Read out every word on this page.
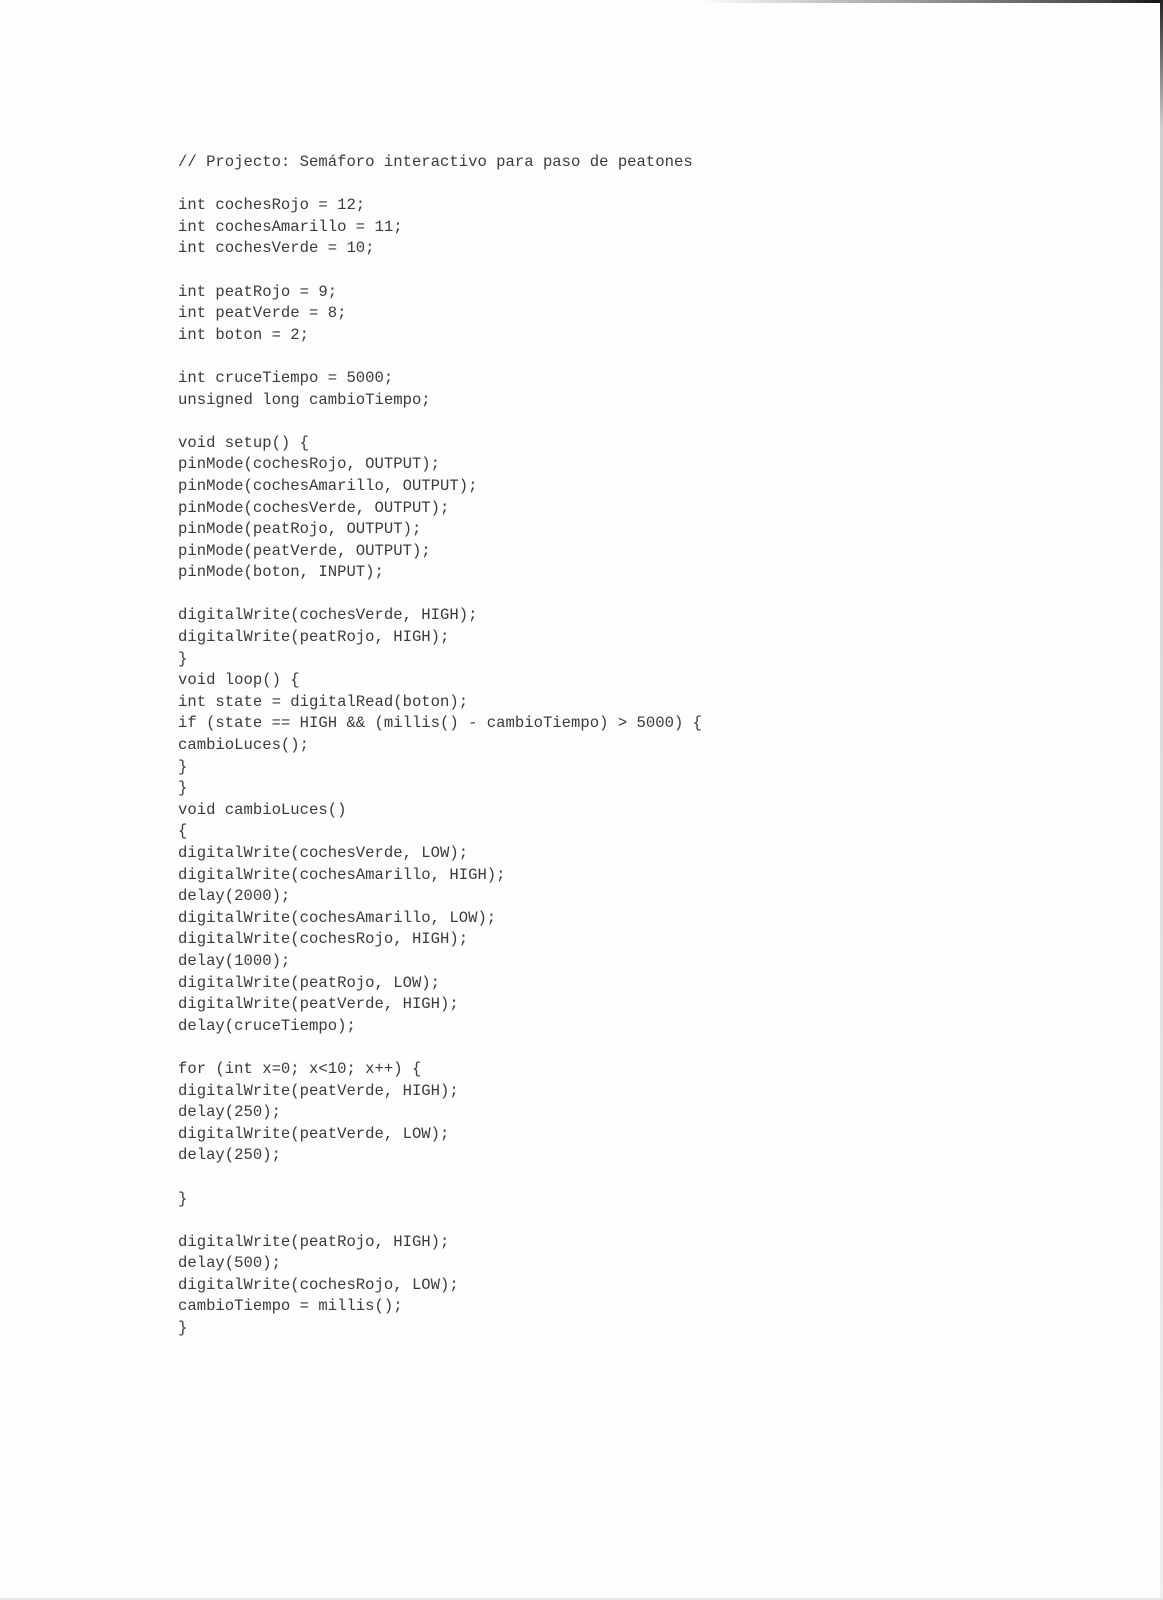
// Projecto: Semáforo interactivo para paso de peatones
int cochesRojo = 12;
int cochesAmarillo = 11;
int cochesVerde = 10;
int peatRojo = 9;
int peatVerde = 8;
int boton = 2;
int cruceTiempo = 5000;
unsigned long cambioTiempo;
void setup() {
pinMode(cochesRojo, OUTPUT);
pinMode(cochesAmarillo, OUTPUT);
pinMode(cochesVerde, OUTPUT);
pinMode(peatRojo, OUTPUT);
pinMode(peatVerde, OUTPUT);
pinMode(boton, INPUT);
digitalWrite(cochesVerde, HIGH);
digitalWrite(peatRojo, HIGH);
}
void loop() {
int state = digitalRead(boton);
if (state == HIGH && (millis() - cambioTiempo) > 5000) {
cambioLuces();
}
}
void cambioLuces()
{
digitalWrite(cochesVerde, LOW);
digitalWrite(cochesAmarillo, HIGH);
delay(2000);
digitalWrite(cochesAmarillo, LOW);
digitalWrite(cochesRojo, HIGH);
delay(1000);
digitalWrite(peatRojo, LOW);
digitalWrite(peatVerde, HIGH);
delay(cruceTiempo);
for (int x=0; x<10; x++) {
digitalWrite(peatVerde, HIGH);
delay(250);
digitalWrite(peatVerde, LOW);
delay(250);
}
digitalWrite(peatRojo, HIGH);
delay(500);
digitalWrite(cochesRojo, LOW);
cambioTiempo = millis();
}
